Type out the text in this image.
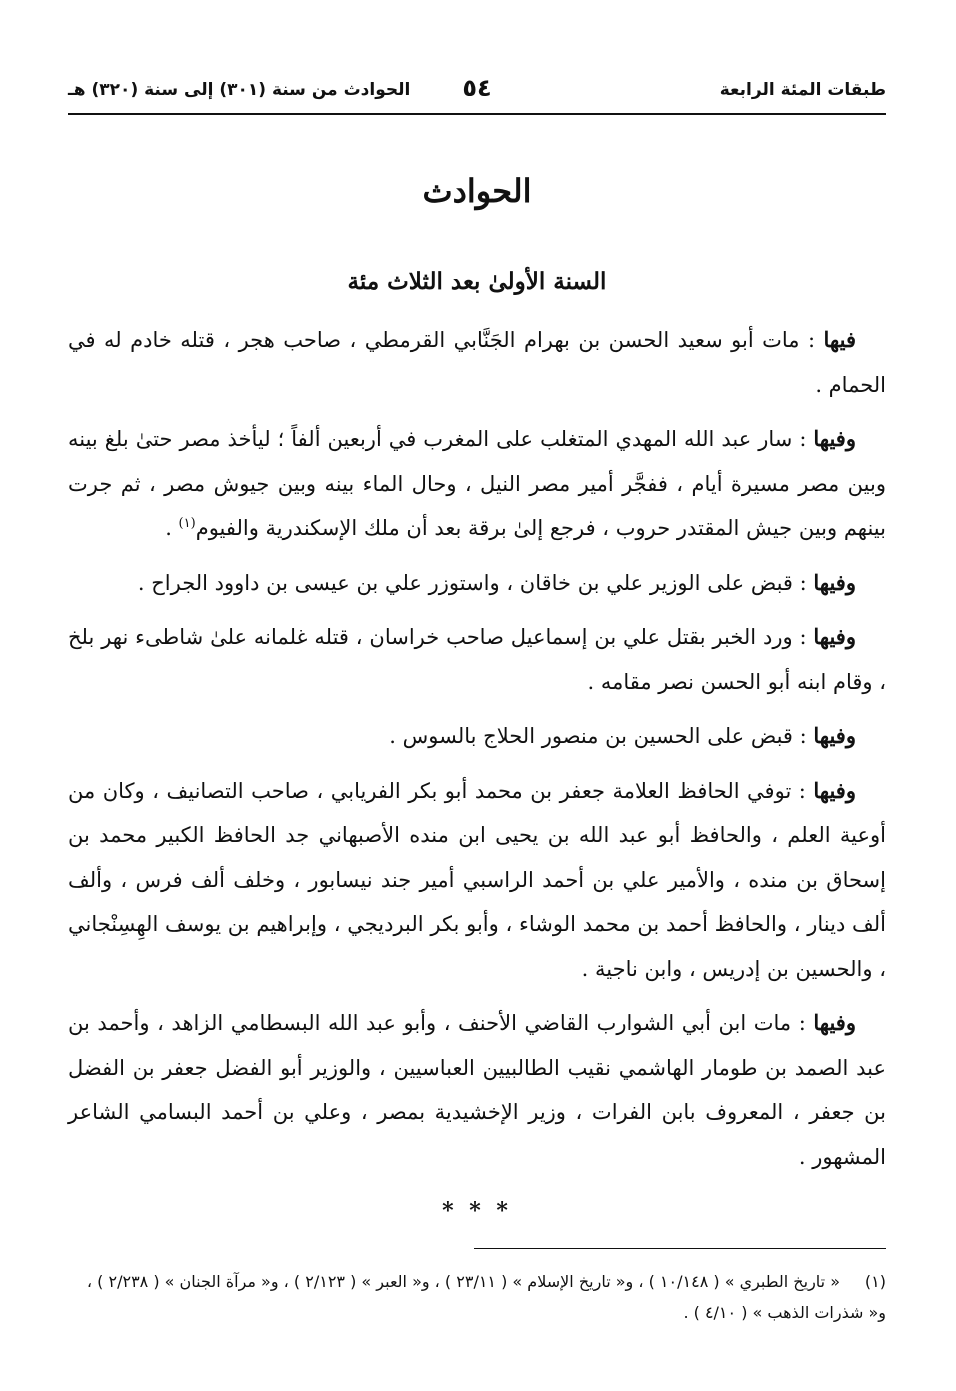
طبقات المئة الرابعة
٥٤
الحوادث من سنة (٣٠١) إلى سنة (٣٢٠) هـ
الحوادث
السنة الأولىٰ بعد الثلاث مئة

فيها : مات أبو سعيد الحسن بن بهرام الجَنَّابي القرمطي ، صاحب هجر ، قتله خادم له في الحمام .

وفيها : سار عبد الله المهدي المتغلب على المغرب في أربعين ألفاً ؛ ليأخذ مصر حتىٰ بلغ بينه وبين مصر مسيرة أيام ، ففجَّر أمير مصر النيل ، وحال الماء بينه وبين جيوش مصر ، ثم جرت بينهم وبين جيش المقتدر حروب ، فرجع إلىٰ برقة بعد أن ملك الإسكندرية والفيوم$^{(١)}$ .

وفيها : قبض على الوزير علي بن خاقان ، واستوزر علي بن عيسى بن داوود الجراح .

وفيها : ورد الخبر بقتل علي بن إسماعيل صاحب خراسان ، قتله غلمانه علىٰ شاطىء نهر بلخ ، وقام ابنه أبو الحسن نصر مقامه .

وفيها : قبض على الحسين بن منصور الحلاج بالسوس .

وفيها : توفي الحافظ العلامة جعفر بن محمد أبو بكر الفريابي ، صاحب التصانيف ، وكان من أوعية العلم ، والحافظ أبو عبد الله بن يحيى ابن منده الأصبهاني جد الحافظ الكبير محمد بن إسحاق بن منده ، والأمير علي بن أحمد الراسبي أمير جند نيسابور ، وخلف ألف فرس ، وألف ألف دينار ، والحافظ أحمد بن محمد الوشاء ، وأبو بكر البرديجي ، وإبراهيم بن يوسف الهِسِنْجاني ، والحسين بن إدريس ، وابن ناجية .

وفيها : مات ابن أبي الشوارب القاضي الأحنف ، وأبو عبد الله البسطامي الزاهد ، وأحمد بن عبد الصمد بن طومار الهاشمي نقيب الطالبيين العباسيين ، والوزير أبو الفضل جعفر بن الفضل بن جعفر ، المعروف بابن الفرات ، وزير الإخشيدية بمصر ، وعلي بن أحمد البسامي الشاعر المشهور .

* * *
(١)« تاريخ الطبري » ( ١٠/١٤٨ ) ، و« تاريخ الإسلام » ( ٢٣/١١ ) ، و« العبر » ( ٢/١٢٣ ) ، و« مرآة الجنان » ( ٢/٢٣٨ ) ، و« شذرات الذهب » ( ٤/١٠ ) .
